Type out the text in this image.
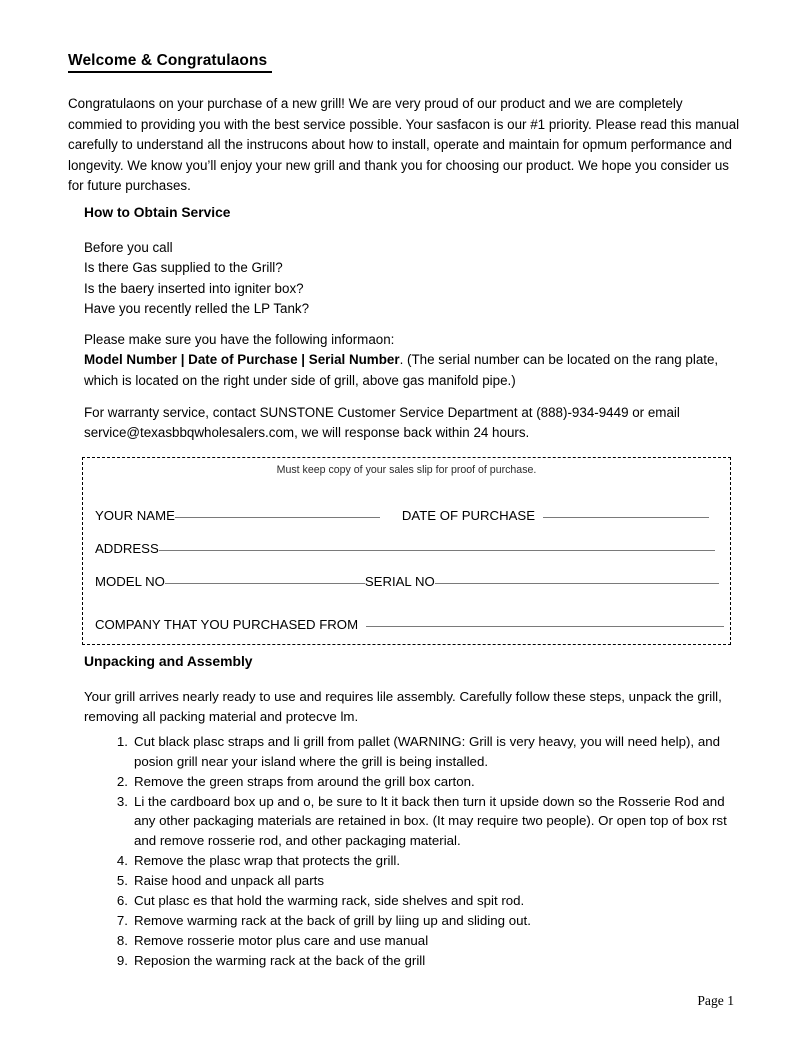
Welcome & Congratulaons
Congratulaons on your purchase of a new grill! We are very proud of our product and we are completely commied to providing you with the best service possible. Your sasfacon is our #1 priority. Please read this manual carefully to understand all the instrucons about how to install, operate and maintain for opmum performance and longevity. We know you’ll enjoy your new grill and thank you for choosing our product. We hope you consider us for future purchases.
How to Obtain Service
Before you call
Is there Gas supplied to the Grill?
Is the baery inserted into igniter box?
Have you recently relled the LP Tank?
Please make sure you have the following informaon:
Model Number | Date of Purchase | Serial Number. (The serial number can be located on the rang plate, which is located on the right under side of grill, above gas manifold pipe.)
For warranty service, contact SUNSTONE Customer Service Department at (888)-934-9449 or email service@texasbbqwholesalers.com, we will response back within 24 hours.
Must keep copy of your sales slip for proof of purchase.
YOUR NAME	DATE OF PURCHASE
ADDRESS
MODEL NO	SERIAL NO
COMPANY THAT YOU PURCHASED FROM
Unpacking and Assembly
Your grill arrives nearly ready to use and requires lile assembly. Carefully follow these steps, unpack the grill, removing all packing material and protecve lm.
1. Cut black plasc straps and li grill from pallet (WARNING: Grill is very heavy, you will need help), and posion grill near your island where the grill is being installed.
2. Remove the green straps from around the grill box carton.
3. Li the cardboard box up and o, be sure to lt it back then turn it upside down so the Rosserie Rod and any other packaging materials are retained in box. (It may require two people). Or open top of box rst and remove rosserie rod, and other packaging material.
4. Remove the plasc wrap that protects the grill.
5. Raise hood and unpack all parts
6. Cut plasc es that hold the warming rack, side shelves and spit rod.
7. Remove warming rack at the back of grill by liing up and sliding out.
8. Remove rosserie motor plus care and use manual
9. Reposion the warming rack at the back of the grill
Page 1
